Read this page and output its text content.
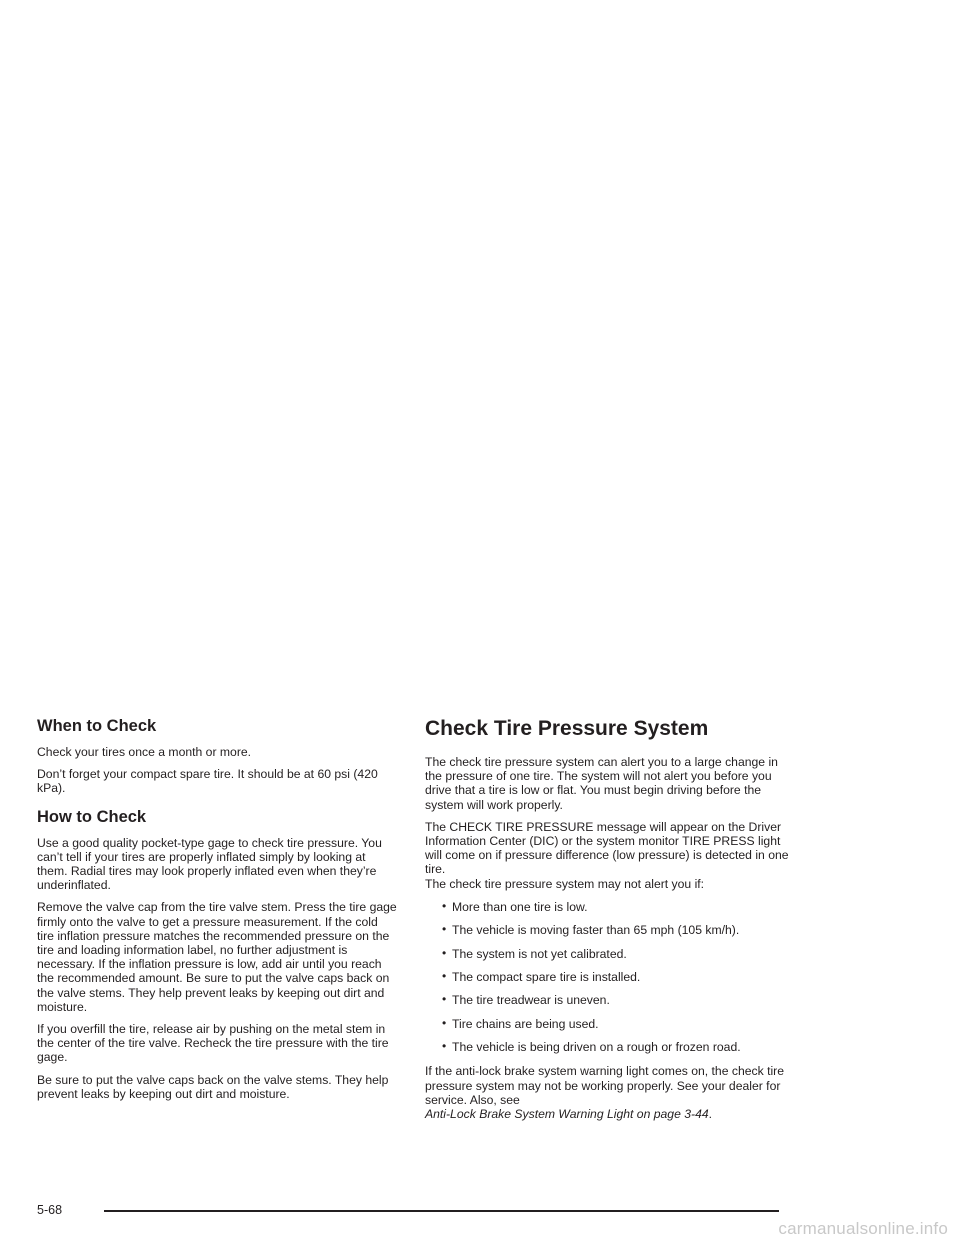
When to Check

Check your tires once a month or more.

Don’t forget your compact spare tire. It should be at 60 psi (420 kPa).

How to Check

Use a good quality pocket-type gage to check tire pressure. You can’t tell if your tires are properly inflated simply by looking at them. Radial tires may look properly inflated even when they’re underinflated.

Remove the valve cap from the tire valve stem. Press the tire gage firmly onto the valve to get a pressure measurement. If the cold tire inflation pressure matches the recommended pressure on the tire and loading information label, no further adjustment is necessary. If the inflation pressure is low, add air until you reach the recommended amount. Be sure to put the valve caps back on the valve stems. They help prevent leaks by keeping out dirt and moisture.

If you overfill the tire, release air by pushing on the metal stem in the center of the tire valve. Recheck the tire pressure with the tire gage.

Be sure to put the valve caps back on the valve stems. They help prevent leaks by keeping out dirt and moisture.

Check Tire Pressure System

The check tire pressure system can alert you to a large change in the pressure of one tire. The system will not alert you before you drive that a tire is low or flat. You must begin driving before the system will work properly.

The CHECK TIRE PRESSURE message will appear on the Driver Information Center (DIC) or the system monitor TIRE PRESS light will come on if pressure difference (low pressure) is detected in one tire.

The check tire pressure system may not alert you if:

• More than one tire is low.
• The vehicle is moving faster than 65 mph (105 km/h).
• The system is not yet calibrated.
• The compact spare tire is installed.
• The tire treadwear is uneven.
• Tire chains are being used.
• The vehicle is being driven on a rough or frozen road.

If the anti-lock brake system warning light comes on, the check tire pressure system may not be working properly. See your dealer for service. Also, see
Anti-Lock Brake System Warning Light on page 3-44.

5-68
carmanualsonline.info
